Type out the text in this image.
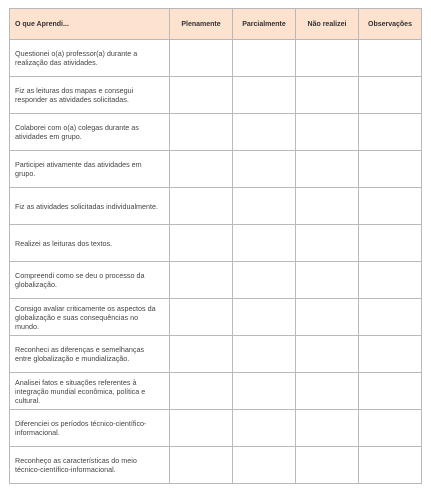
O que Aprendi...	Plenamente	Parcialmente	Não realizei	Observações
Questionei o(a) professor(a) durante a realização das atividades.				
Fiz as leituras dos mapas e consegui responder as atividades solicitadas.				
Colaborei com o(a) colegas durante as atividades em grupo.				
Participei ativamente das atividades em grupo.				
Fiz as atividades solicitadas individualmente.				
Realizei as leituras dos textos.				
Compreendi como se deu o processo da globalização.				
Consigo avaliar criticamente os aspectos da globalização e suas consequências no mundo.				
Reconheci as diferenças e semelhanças entre globalização e mundialização.				
Analisei fatos e situações referentes à integração mundial econômica, política e cultural.				
Diferenciei os períodos técnico-científico-informacional.				
Reconheço as características do meio técnico-científico-informacional.				
